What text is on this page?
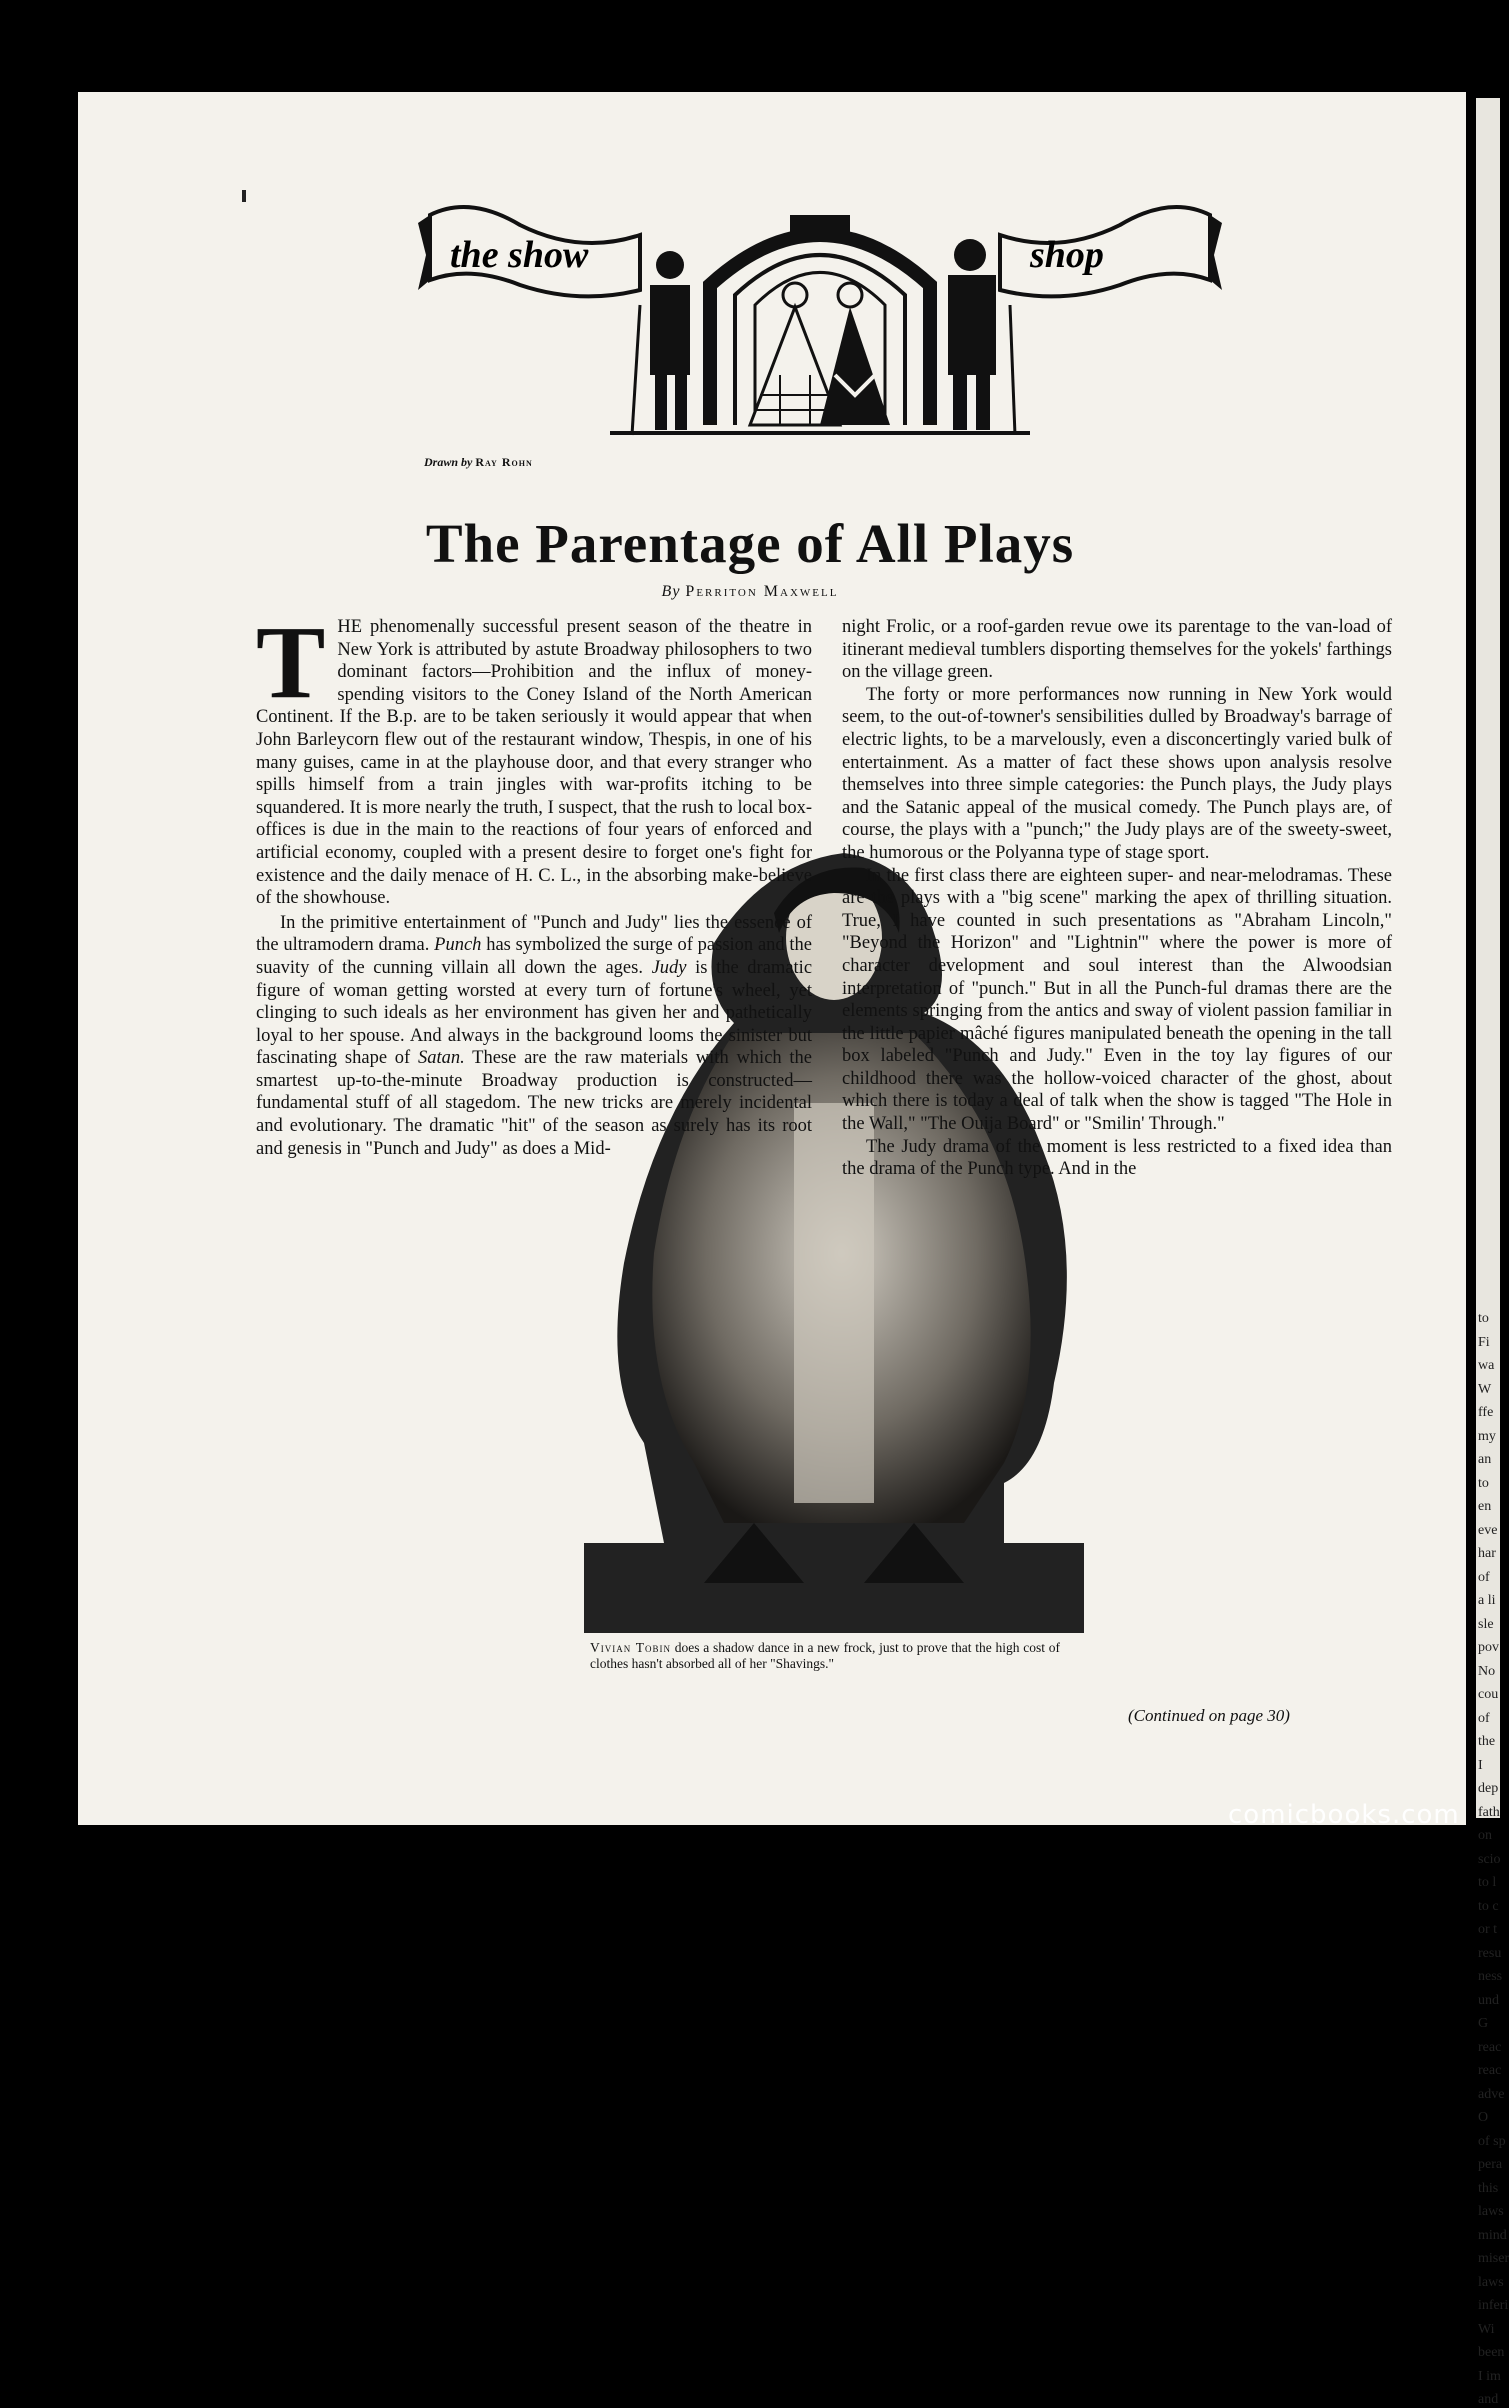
to
Fi
wa
W
ffe
my
an
to
en
eve
har
of
a li
sle
pov
No
cou
of
the
I
dep
fath
on
scio
to l
to c
or t
resu
ness
und
G
reac
reac
adve
O
of sp
pera
this
laws
mind
miser
laws
inferi
Wi
been
I im
and
the show	shop
Drawn by Ray Rohn
The Parentage of All Plays
By Perriton Maxwell
Vivian Tobin does a shadow dance in a new frock, just to prove that the high cost of clothes hasn't absorbed all of her "Shavings."
T HE phenomenally successful present season of the theatre in New York is attributed by astute Broadway philosophers to two dominant factors—Prohibition and the influx of money-spending visitors to the Coney Island of the North American Continent. If the B.p. are to be taken seriously it would appear that when John Barleycorn flew out of the restaurant window, Thespis, in one of his many guises, came in at the playhouse door, and that every stranger who spills himself from a train jingles with war-profits itching to be squandered. It is more nearly the truth, I suspect, that the rush to local box-offices is due in the main to the reactions of four years of enforced and artificial economy, coupled with a present desire to forget one's fight for existence and the daily menace of H. C. L., in the absorbing make-believe of the showhouse.

In the primitive entertainment of "Punch and Judy" lies the essence of the ultramodern drama. Punch has symbolized the surge of passion and the suavity of the cunning villain all down the ages. Judy is the dramatic figure of woman getting worsted at every turn of fortune's wheel, yet clinging to such ideals as her environment has given her and pathetically loyal to her spouse. And always in the background looms the sinister but fascinating shape of Satan. These are the raw materials with which the smartest up-to-the-minute Broadway production is constructed—fundamental stuff of all stagedom. The new tricks are merely incidental and evolutionary. The dramatic "hit" of the season as surely has its root and genesis in "Punch and Judy" as does a Mid-

night Frolic, or a roof-garden revue owe its parentage to the van-load of itinerant medieval tumblers disporting themselves for the yokels' farthings on the village green.

The forty or more performances now running in New York would seem, to the out-of-towner's sensibilities dulled by Broadway's barrage of electric lights, to be a marvelously, even a disconcertingly varied bulk of entertainment. As a matter of fact these shows upon analysis resolve themselves into three simple categories: the Punch plays, the Judy plays and the Satanic appeal of the musical comedy. The Punch plays are, of course, the plays with a "punch;" the Judy plays are of the sweety-sweet, the humorous or the Polyanna type of stage sport.

In the first class there are eighteen super- and near-melodramas. These are the plays with a "big scene" marking the apex of thrilling situation. True, I have counted in such presentations as "Abraham Lincoln," "Beyond the Horizon" and "Lightnin'" where the power is more of character development and soul interest than the Alwoodsian interpretation of "punch." But in all the Punch-ful dramas there are the elements springing from the antics and sway of violent passion familiar in the little papier mâché figures manipulated beneath the opening in the tall box labeled "Punch and Judy." Even in the toy lay figures of our childhood there was the hollow-voiced character of the ghost, about which there is today a deal of talk when the show is tagged "The Hole in the Wall," "The Ouija Board" or "Smilin' Through."

The Judy drama of the moment is less restricted to a fixed idea than the drama of the Punch type. And in the

(Continued on page 30)
comicbooks.com
